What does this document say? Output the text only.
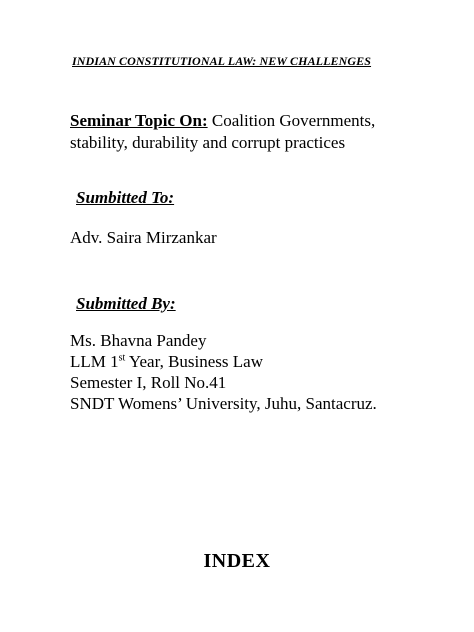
INDIAN CONSTITUTIONAL LAW: NEW CHALLENGES
Seminar Topic On: Coalition Governments, stability, durability and corrupt practices
Sumbitted To:
Adv. Saira Mirzankar
Submitted By:
Ms. Bhavna Pandey
LLM 1st Year, Business Law
Semester I, Roll No.41
SNDT Womens’ University, Juhu, Santacruz.
INDEX
